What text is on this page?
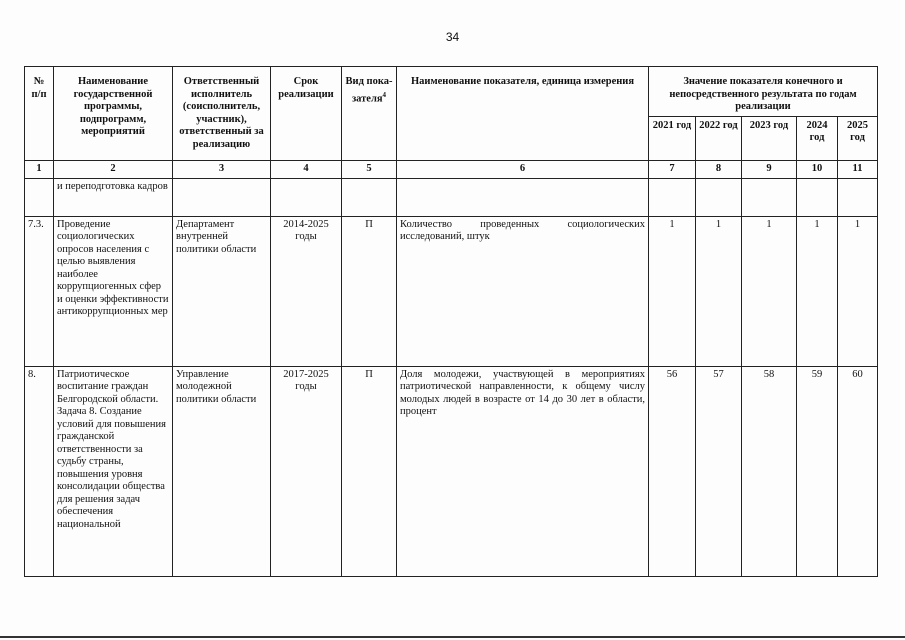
34
№ п/п	Наименование государственной программы, подпрограмм, мероприятий	Ответственный исполнитель (соисполнитель, участник), ответственный за реализацию	Срок реализации	Вид пока-зателя$^4$	Наименование показателя, единица измерения	Значение показателя конечного и непосредственного результата по годам реализации				
						2021 год	2022 год	2023 год	2024 год	2025 год
1	2	3	4	5	6	7	8	9	10	11
	и переподготовка кадров									
7.3.	Проведение социологических опросов населения с целью выявления наиболее коррупциогенных сфер и оценки эффективности антикоррупционных мер	Департамент внутренней политики области	2014-2025 годы	П	Количество проведенных социологических исследований, штук	1	1	1	1	1
8.	Патриотическое воспитание граждан Белгородской области. Задача 8. Создание условий для повышения гражданской ответственности за судьбу страны, повышения уровня консолидации общества для решения задач обеспечения национальной	Управление молодежной политики области	2017-2025 годы	П	Доля молодежи, участвующей в мероприятиях патриотической направленности, к общему числу молодых людей в возрасте от 14 до 30 лет в области, процент	56	57	58	59	60
